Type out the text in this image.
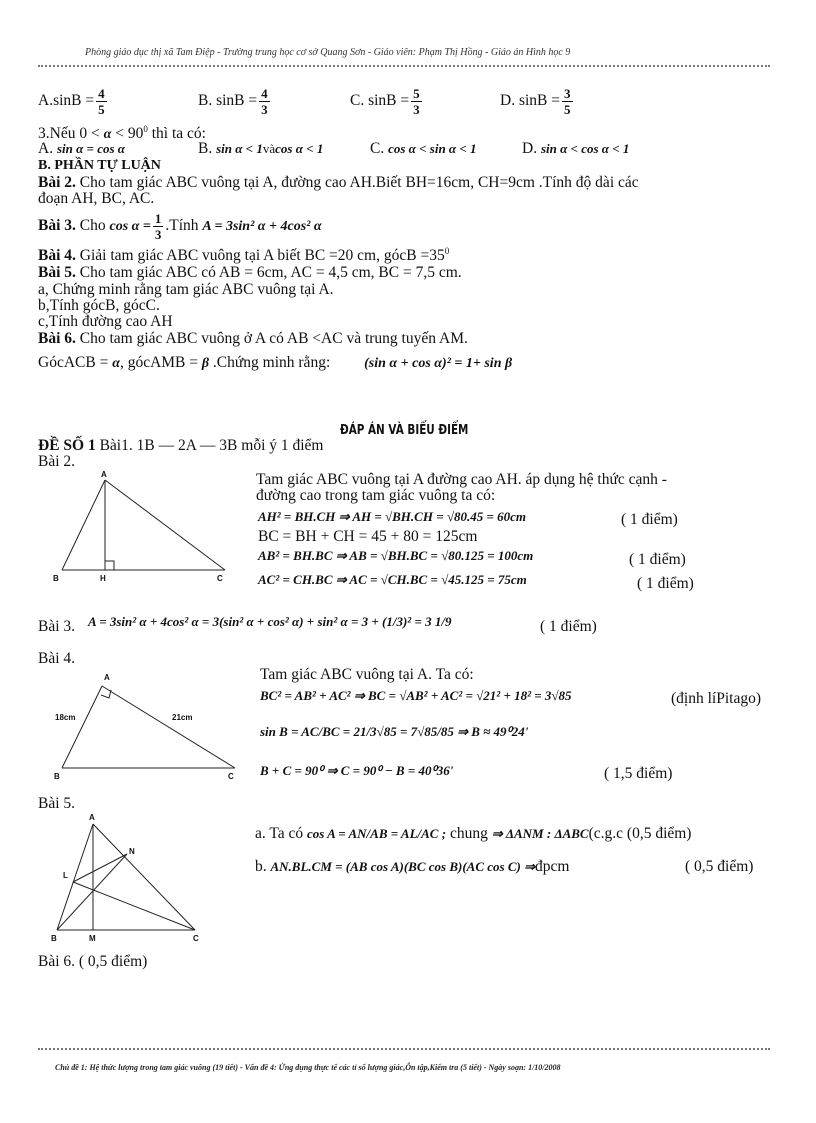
Phòng giáo dục thị xã Tam Điệp - Trường trung học cơ sở Quang Sơn - Giáo viên: Phạm Thị Hồng - Giáo án Hình học 9
$A.\sin B = \frac{4}{5}$	B. $\sin B = \frac{4}{3}$	C. $\sin B = \frac{5}{3}$	D. $\sin B = \frac{3}{5}$
3.Nếu $0 < \alpha < 90^0$ thì ta có:
A. sin α = cos α	B. sin α < 1vàcos α < 1	C. cos α < sin α < 1	D. sin α < cos α < 1
B. PHẦN TỰ LUẬN
Bài 2. Cho tam giác ABC vuông tại A, đường cao AH.Biết BH=16cm, CH=9cm .Tính độ dài các
đoạn AH, BC, AC.
Bài 3. Cho $\cos \alpha = \frac{1}{3}$ .Tính A = 3sin² α + 4cos² α
Bài 4. Giải tam giác ABC vuông tại A biết BC =20 cm, gócB $=35^0$
Bài 5. Cho tam giác ABC có AB = 6cm, AC = 4,5 cm, BC = 7,5 cm.
a, Chứng minh rằng tam giác ABC vuông tại A.
b,Tính gócB, gócC.
c,Tính đường cao AH
Bài 6. Cho tam giác ABC vuông ở A có AB <AC và trung tuyến AM.
GócACB = α, gócAMB = β .Chứng minh rằng: (sin α + cos α)² = 1+ sin β
ĐÁP ÁN VÀ BIỂU ĐIỂM
ĐỀ SỐ 1 Bài1. 1B — 2A — 3B mỗi ý 1 điểm
Bài 2.
A
B	H	C
Tam giác ABC vuông tại A đường cao AH. áp dụng hệ thức cạnh -
đường cao trong tam giác vuông ta có:
AH² = BH.CH ⇒ AH = √BH.CH = √80.45 = 60cm	( 1 điểm)
BC = BH + CH = 45 + 80 = 125cm
AB² = BH.BC ⇒ AB = √BH.BC = √80.125 = 100cm	( 1 điểm)
AC² = CH.BC ⇒ AC = √CH.BC = √45.125 = 75cm	( 1 điểm)
Bài 3. A = 3sin² α + 4cos² α = 3(sin² α + cos² α) + sin² α = 3 + (1/3)² = 3 1/9	( 1 điểm)
Bài 4.
A
B	C
18cm	21cm
Tam giác ABC vuông tại A. Ta có:
BC² = AB² + AC² ⇒ BC = √AB² + AC² = √21² + 18² = 3√85	(định líPitago)
sin B = AC/BC = 21/3√85 = 7√85/85 ⇒ B ≈ 49⁰24'
B + C = 90⁰ ⇒ C = 90⁰ − B = 40⁰36'	( 1,5 điểm)
Bài 5.
A
N
L
B	M	C
a. Ta có cos A = AN/AB = AL/AC ; chung ⇒ ΔANM : ΔABC(c.g.c (0,5 điểm)
b. AN.BL.CM = (AB cos A)(BC cos B)(AC cos C) ⇒đpcm	( 0,5 điểm)
Bài 6. ( 0,5 điểm)
Chủ đề 1: Hệ thức lượng trong tam giác vuông (19 tiết) - Vấn đề 4: Ứng dụng thực tế các tỉ số lượng giác,Ôn tập,Kiểm tra (5 tiết) - Ngày soạn: 1/10/2008
